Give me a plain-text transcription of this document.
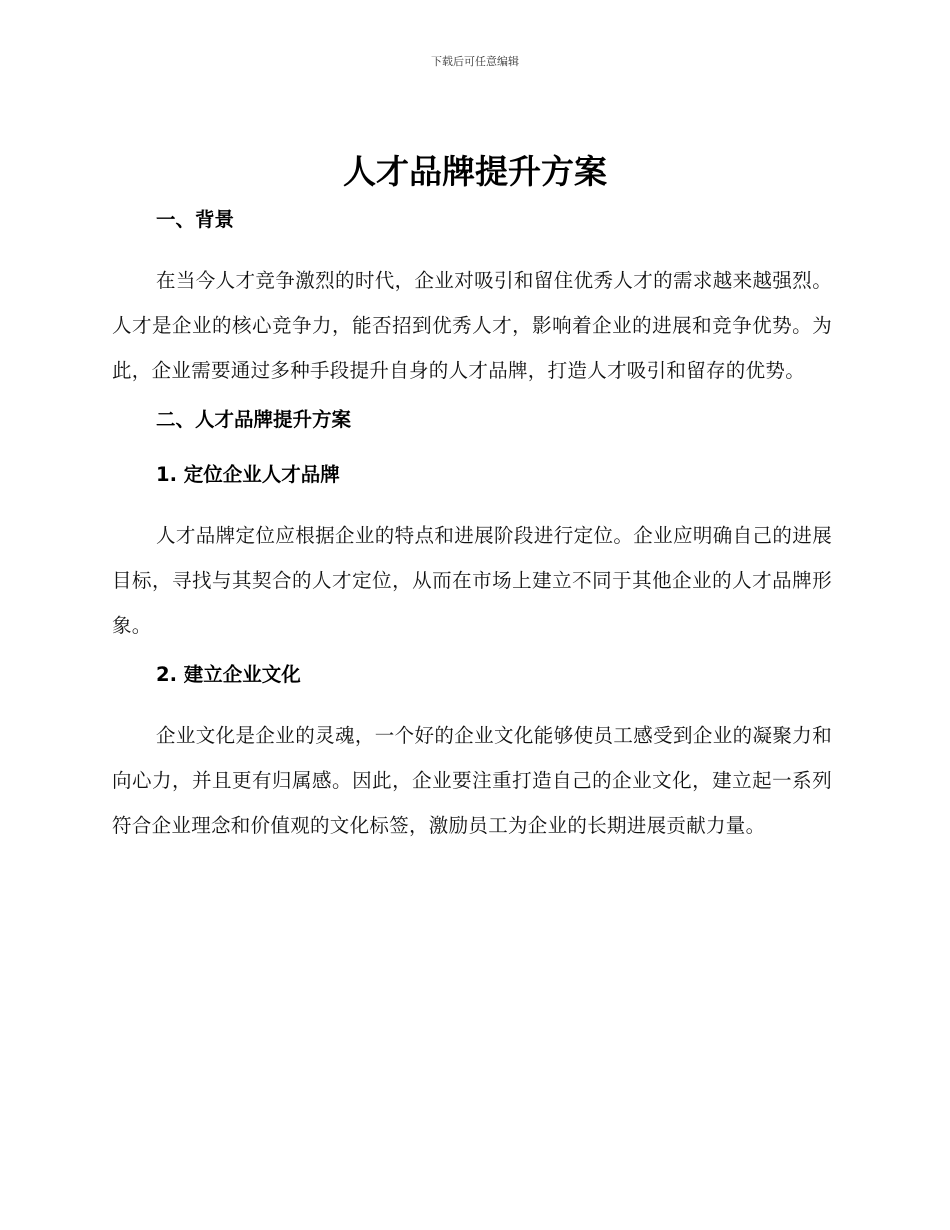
下载后可任意编辑
人才品牌提升方案
一、背景

在当今人才竞争激烈的时代，企业对吸引和留住优秀人才的需求越来越强烈。人才是企业的核心竞争力，能否招到优秀人才，影响着企业的进展和竞争优势。为此，企业需要通过多种手段提升自身的人才品牌，打造人才吸引和留存的优势。

二、人才品牌提升方案
1. 定位企业人才品牌

人才品牌定位应根据企业的特点和进展阶段进行定位。企业应明确自己的进展目标，寻找与其契合的人才定位，从而在市场上建立不同于其他企业的人才品牌形象。

2. 建立企业文化

企业文化是企业的灵魂，一个好的企业文化能够使员工感受到企业的凝聚力和向心力，并且更有归属感。因此，企业要注重打造自己的企业文化，建立起一系列符合企业理念和价值观的文化标签，激励员工为企业的长期进展贡献力量。
